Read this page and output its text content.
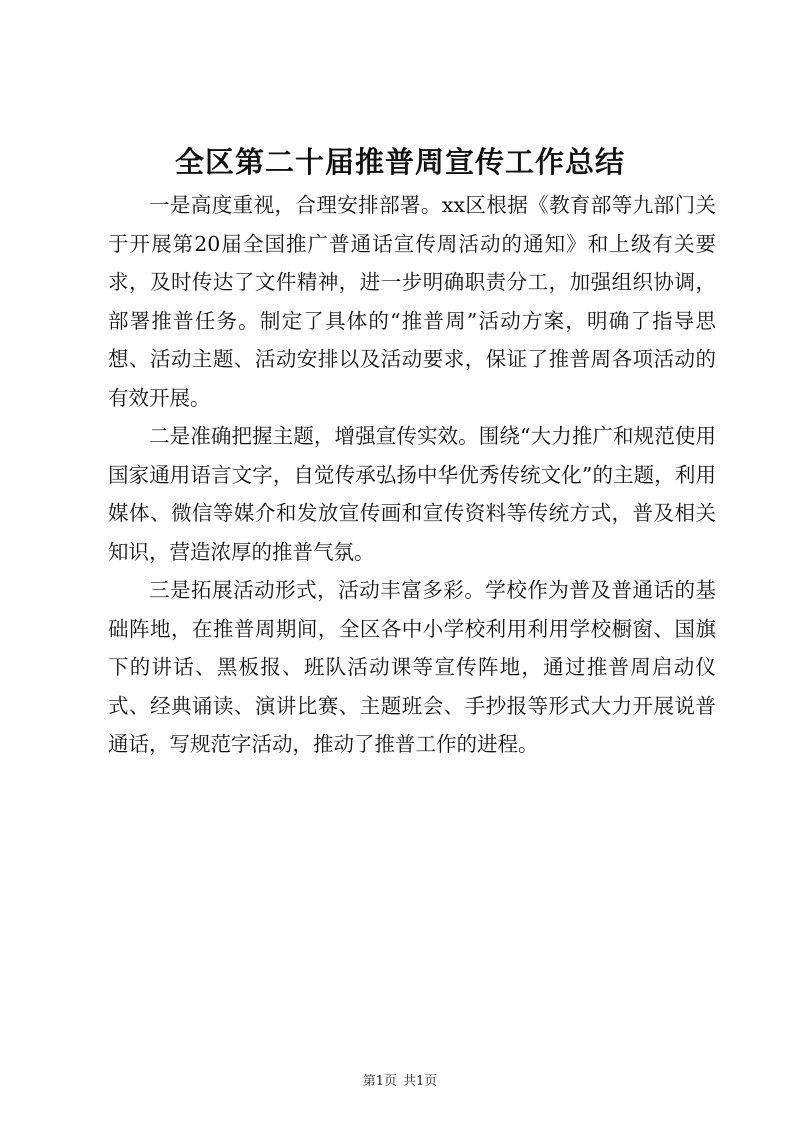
全区第二十届推普周宣传工作总结

一是高度重视，合理安排部署。xx区根据《教育部等九部门关于开展第20届全国推广普通话宣传周活动的通知》和上级有关要求，及时传达了文件精神，进一步明确职责分工，加强组织协调，部署推普任务。制定了具体的“推普周”活动方案，明确了指导思想、活动主题、活动安排以及活动要求，保证了推普周各项活动的有效开展。

二是准确把握主题，增强宣传实效。围绕“大力推广和规范使用国家通用语言文字，自觉传承弘扬中华优秀传统文化”的主题，利用媒体、微信等媒介和发放宣传画和宣传资料等传统方式，普及相关知识，营造浓厚的推普气氛。

三是拓展活动形式，活动丰富多彩。学校作为普及普通话的基础阵地，在推普周期间，全区各中小学校利用利用学校橱窗、国旗下的讲话、黑板报、班队活动课等宣传阵地，通过推普周启动仪式、经典诵读、演讲比赛、主题班会、手抄报等形式大力开展说普通话，写规范字活动，推动了推普工作的进程。

第1页 共1页
